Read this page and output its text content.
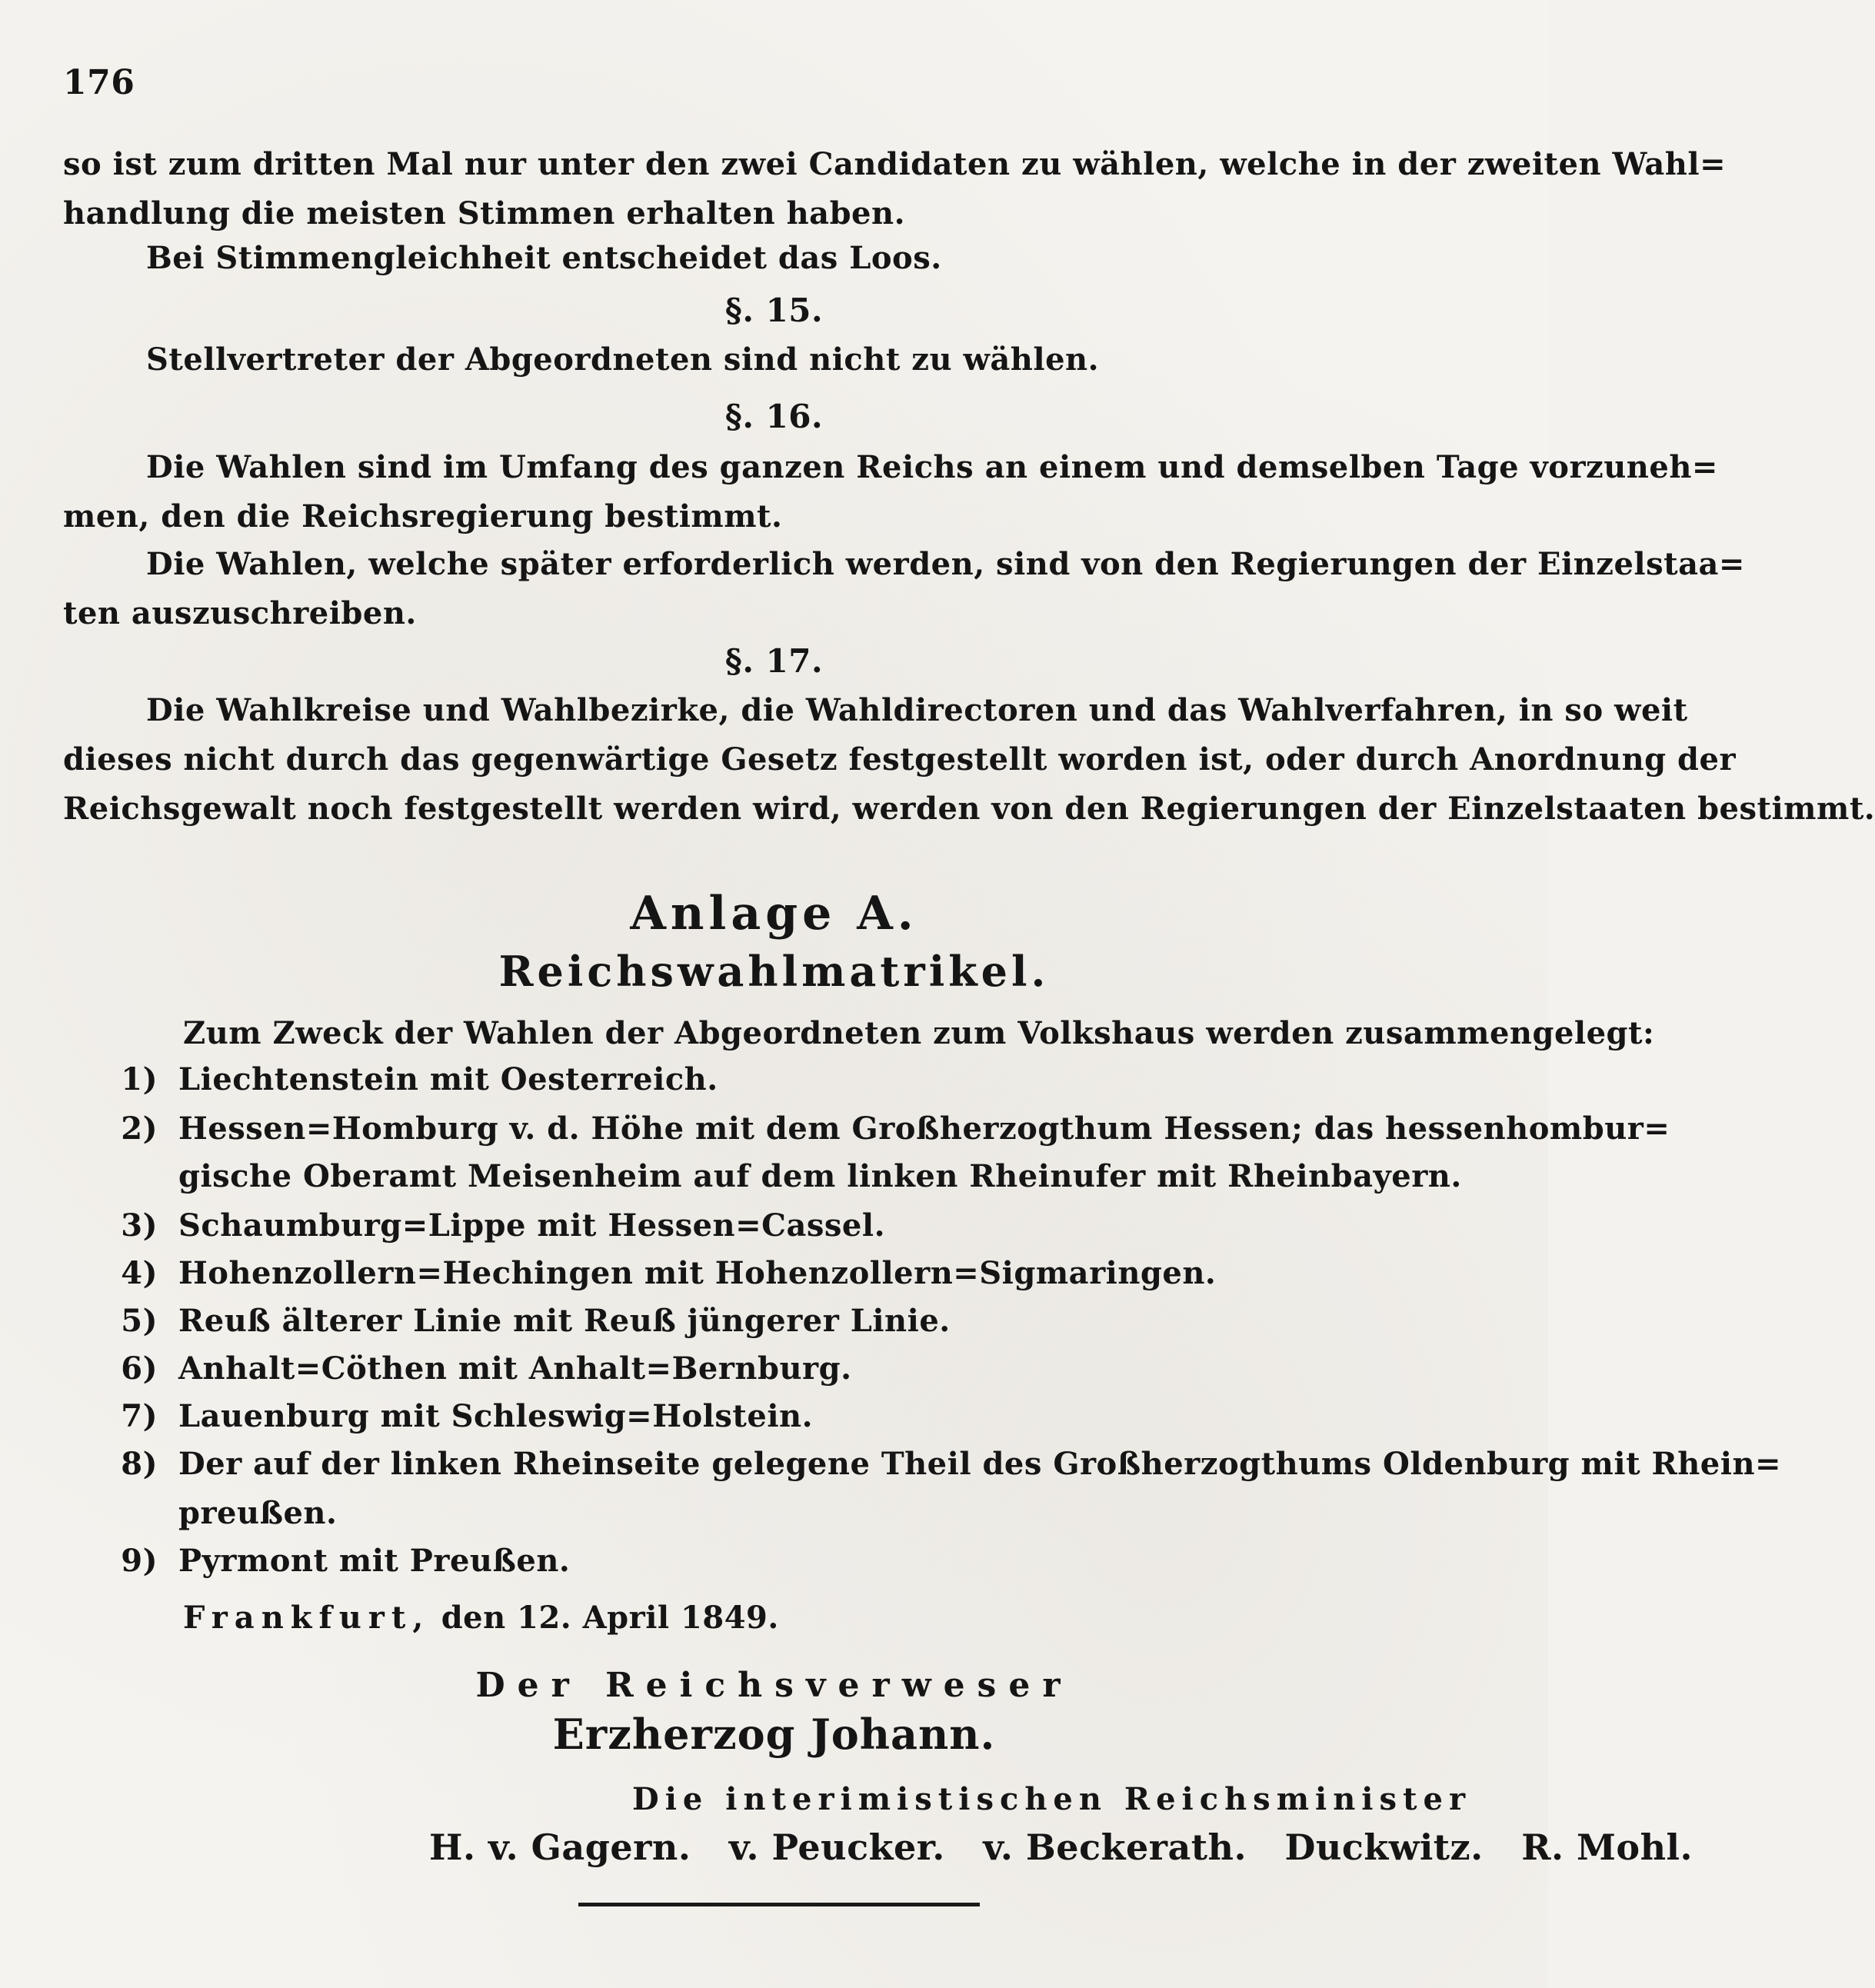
176
so ist zum dritten Mal nur unter den zwei Candidaten zu wählen, welche in der zweiten Wahl=
handlung die meisten Stimmen erhalten haben.
Bei Stimmengleichheit entscheidet das Loos.
§. 15.
Stellvertreter der Abgeordneten sind nicht zu wählen.
§. 16.
Die Wahlen sind im Umfang des ganzen Reichs an einem und demselben Tage vorzuneh=
men, den die Reichsregierung bestimmt.
Die Wahlen, welche später erforderlich werden, sind von den Regierungen der Einzelstaa=
ten auszuschreiben.
§. 17.
Die Wahlkreise und Wahlbezirke, die Wahldirectoren und das Wahlverfahren, in so weit
dieses nicht durch das gegenwärtige Gesetz festgestellt worden ist, oder durch Anordnung der
Reichsgewalt noch festgestellt werden wird, werden von den Regierungen der Einzelstaaten bestimmt.
Anlage A.
Reichswahlmatrikel.
Zum Zweck der Wahlen der Abgeordneten zum Volkshaus werden zusammengelegt:
1) Liechtenstein mit Oesterreich.
2) Hessen=Homburg v. d. Höhe mit dem Großherzogthum Hessen; das hessenhombur=
gische Oberamt Meisenheim auf dem linken Rheinufer mit Rheinbayern.
3) Schaumburg=Lippe mit Hessen=Cassel.
4) Hohenzollern=Hechingen mit Hohenzollern=Sigmaringen.
5) Reuß älterer Linie mit Reuß jüngerer Linie.
6) Anhalt=Cöthen mit Anhalt=Bernburg.
7) Lauenburg mit Schleswig=Holstein.
8) Der auf der linken Rheinseite gelegene Theil des Großherzogthums Oldenburg mit Rhein=
preußen.
9) Pyrmont mit Preußen.
Frankfurt, den 12. April 1849.
Der Reichsverweser
Erzherzog Johann.
Die interimistischen Reichsminister
H. v. Gagern.   v. Peucker.   v. Beckerath.   Duckwitz.   R. Mohl.
